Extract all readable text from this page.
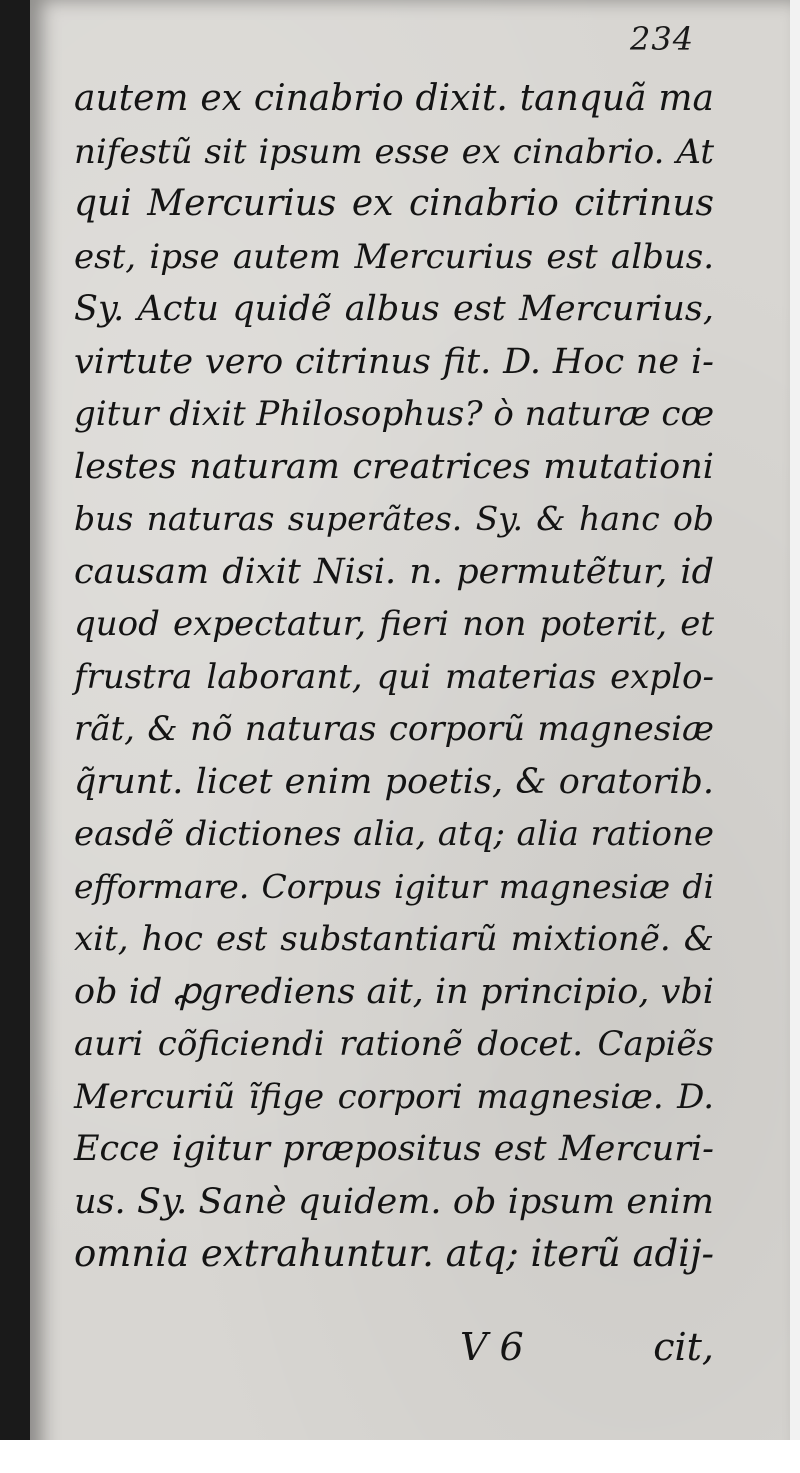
234
autem ex cinabrio dixit. tanquã ma
nifestũ sit ipsum esse ex cinabrio. At
qui Mercurius ex cinabrio citrinus
est, ipse autem Mercurius est albus.
Sy. Actu quidẽ albus est Mercurius,
virtute vero citrinus fit. D. Hoc ne i-
gitur dixit Philosophus? ò naturæ cœ
lestes naturam creatrices mutationi
bus naturas superãtes. Sy. & hanc ob
causam dixit Nisi. n. permutẽtur, id
quod expectatur, fieri non poterit, et
frustra laborant, qui materias explo-
rãt, & nõ naturas corporũ magnesiæ
q̃runt. licet enim poetis, & oratorib.
easdẽ dictiones alia, atq; alia ratione
efformare. Corpus igitur magnesiæ di
xit, hoc est substantiarũ mixtionẽ. &
ob id ꝓgrediens ait, in principio, vbi
auri cõficiendi rationẽ docet. Capiẽs
Mercuriũ ĩfige corpori magnesiæ. D.
Ecce igitur præpositus est Mercuri-
us. Sy. Sanè quidem. ob ipsum enim
omnia extrahuntur. atq; iterũ adij-
V 6	cit,
